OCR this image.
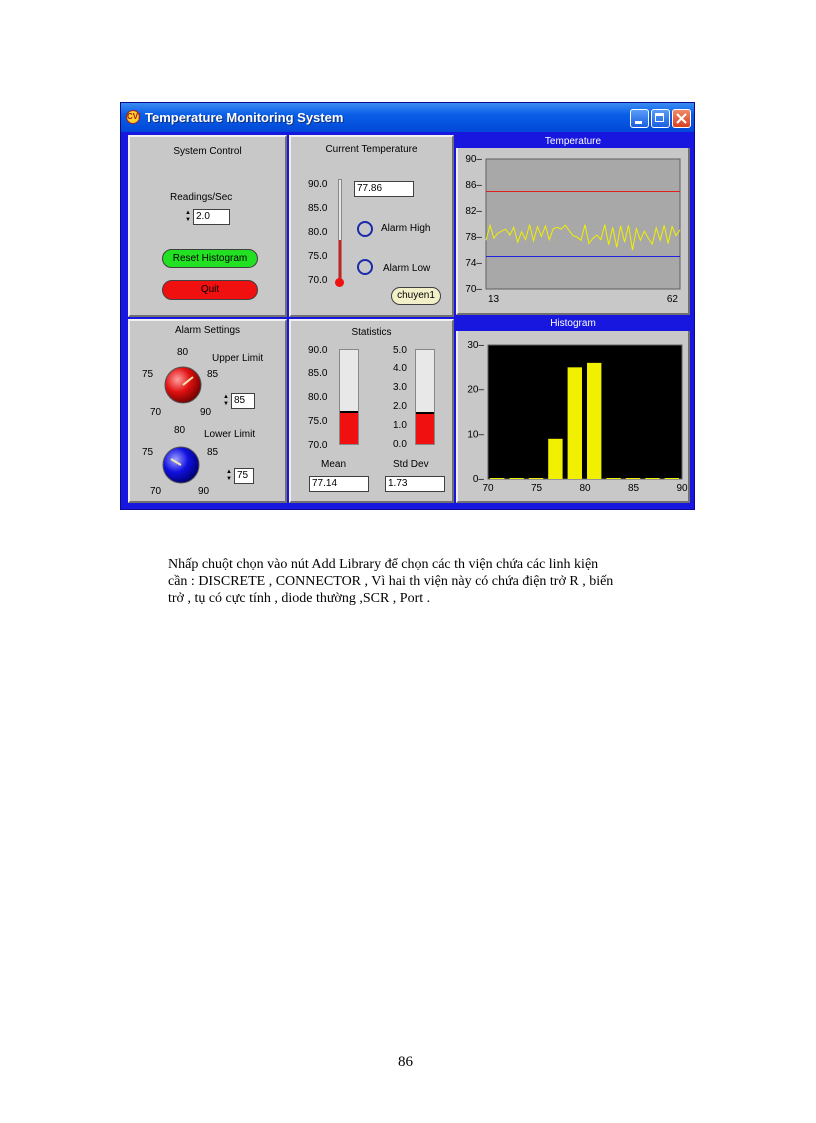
CVI Temperature Monitoring System
System Control
Readings/Sec
▲
▼ 2.0
Reset Histogram
Quit
Current Temperature
90.0
85.0
80.0
75.0
70.0
77.86
Alarm High
Alarm Low
chuyen1
Temperature
70–
74–
78–
82–
86–
90–
13	62
Alarm Settings
Upper Limit
80
75	85
70	90
▲
▼ 85
Lower Limit
80
75	85
70	90
▲
▼ 75
Statistics
90.0
85.0
80.0
75.0
70.0
5.0
4.0
3.0
2.0
1.0
0.0
Mean
77.14
Std Dev
1.73
Histogram
0–
10–
20–
30–
70	75	80	85	90
Nhấp chuột chọn vào nút Add Library để chọn các th viện chứa các linh kiện
cần : DISCRETE , CONNECTOR , Vì hai th viện này có chứa điện trở R , biến
trở , tụ có cực tính , diode thường ,SCR , Port .
86
